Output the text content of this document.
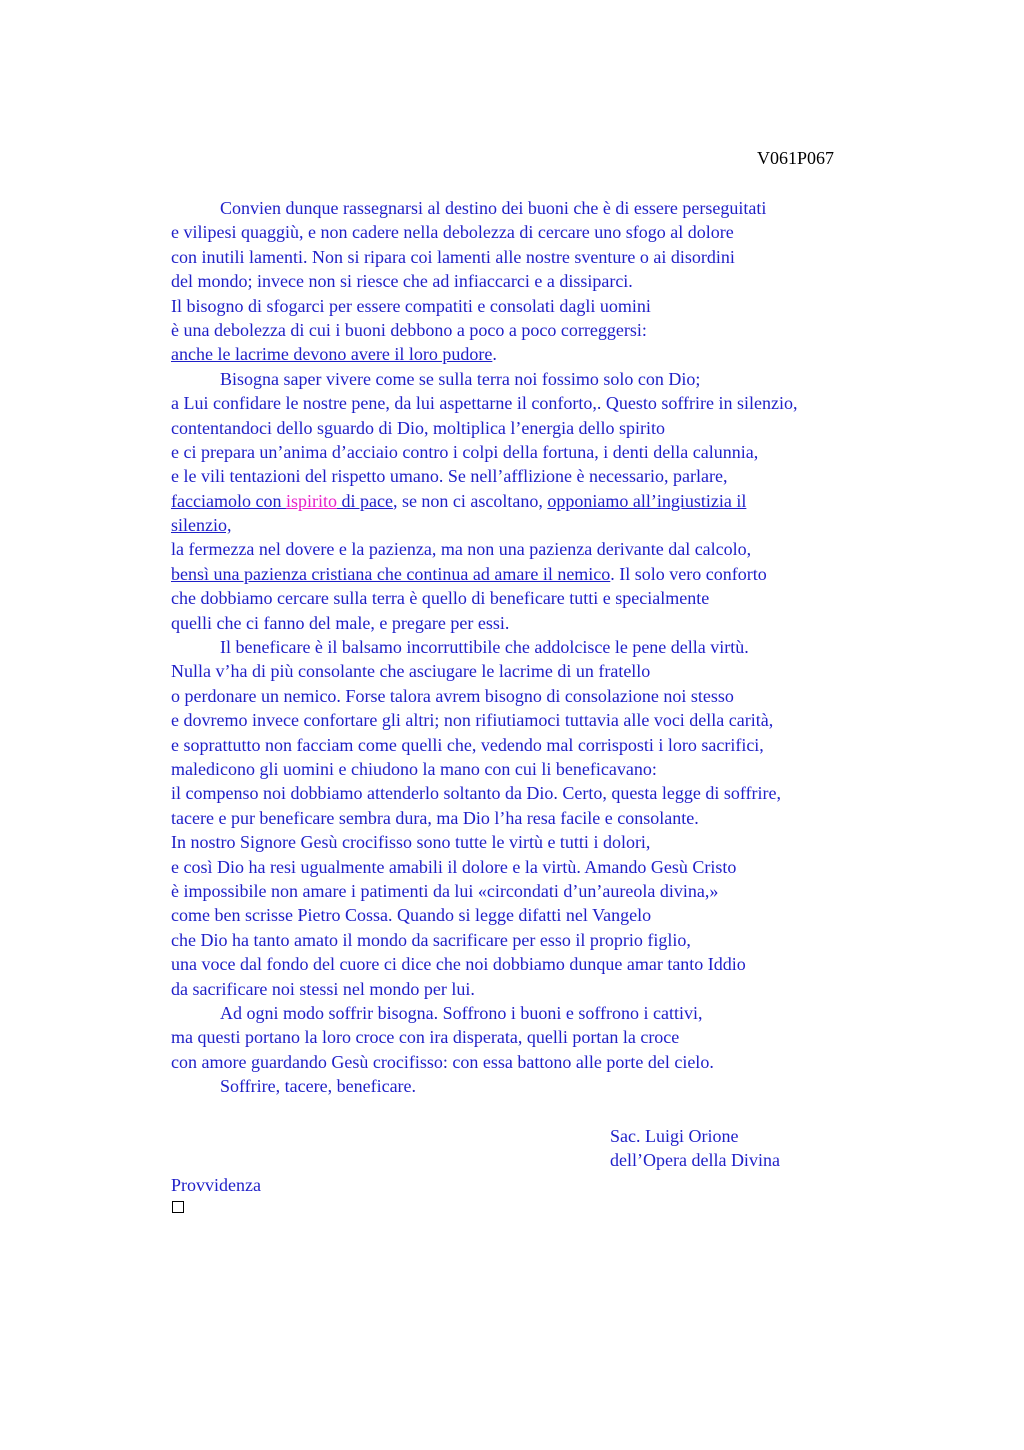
V061P067
Convien dunque rassegnarsi al destino dei buoni che è di essere perseguitati
e vilipesi quaggiù, e non cadere nella debolezza di cercare uno sfogo al dolore
con inutili lamenti. Non si ripara coi lamenti alle nostre sventure o ai disordini
del mondo; invece non si riesce che ad infiaccarci e a dissiparci.
Il bisogno di sfogarci per essere compatiti e consolati dagli uomini
è una debolezza di cui i buoni debbono a poco a poco correggersi:
anche le lacrime devono avere il loro pudore.
Bisogna saper vivere come se sulla terra noi fossimo solo con Dio;
a Lui confidare le nostre pene, da lui aspettarne il conforto,. Questo soffrire in silenzio,
contentandoci dello sguardo di Dio, moltiplica l’energia dello spirito
e ci prepara un’anima d’acciaio contro i colpi della fortuna, i denti della calunnia,
e le vili tentazioni del rispetto umano. Se nell’afflizione è necessario, parlare,
facciamolo con ispirito di pace, se non ci ascoltano, opponiamo all’ingiustizia il
silenzio,
la fermezza nel dovere e la pazienza, ma non una pazienza derivante dal calcolo,
bensì una pazienza cristiana che continua ad amare il nemico. Il solo vero conforto
che dobbiamo cercare sulla terra è quello di beneficare tutti e specialmente
quelli che ci fanno del male, e pregare per essi.
Il beneficare è il balsamo incorruttibile che addolcisce le pene della virtù.
Nulla v’ha di più consolante che asciugare le lacrime di un fratello
o perdonare un nemico. Forse talora avrem bisogno di consolazione noi stesso
e dovremo invece confortare gli altri; non rifiutiamoci tuttavia alle voci della carità,
e soprattutto non facciam come quelli che, vedendo mal corrisposti i loro sacrifici,
maledicono gli uomini e chiudono la mano con cui li beneficavano:
il compenso noi dobbiamo attenderlo soltanto da Dio. Certo, questa legge di soffrire,
tacere e pur beneficare sembra dura, ma Dio l’ha resa facile e consolante.
In nostro Signore Gesù crocifisso sono tutte le virtù e tutti i dolori,
e così Dio ha resi ugualmente amabili il dolore e la virtù. Amando Gesù Cristo
è impossibile non amare i patimenti da lui «circondati d’un’aureola divina,»
come ben scrisse Pietro Cossa. Quando si legge difatti nel Vangelo
che Dio ha tanto amato il mondo da sacrificare per esso il proprio figlio,
una voce dal fondo del cuore ci dice che noi dobbiamo dunque amar tanto Iddio
da sacrificare noi stessi nel mondo per lui.
Ad ogni modo soffrir bisogna. Soffrono i buoni e soffrono i cattivi,
ma questi portano la loro croce con ira disperata, quelli portan la croce
con amore guardando Gesù crocifisso: con essa battono alle porte del cielo.
Soffrire, tacere, beneficare.
Sac. Luigi Orione
dell’Opera della Divina
Provvidenza
